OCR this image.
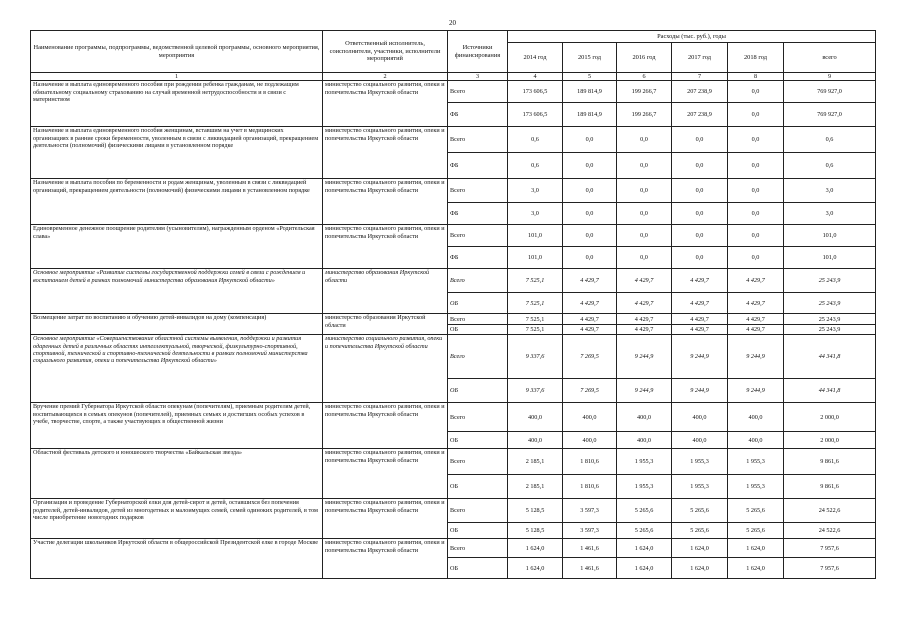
20
Наименование программы, подпрограммы, ведомственной целевой программы, основного мероприятия, мероприятия	Ответственный исполнитель, соисполнители, участники, исполнители мероприятий	Источники финансирования	Расходы (тыс. руб.), годы					
			2014 год	2015 год	2016 год	2017 год	2018 год	всего
1	2	3	4	5	6	7	8	9
Назначение и выплата единовременного пособия при рождении ребенка гражданам, не подлежащим обязательному социальному страхованию на случай временной нетрудоспособности и в связи с материнством	министерство социального развития, опеки и попечительства Иркутской области	Всего	173 606,5	189 814,9	199 266,7	207 238,9	0,0	769 927,0
		ФБ	173 606,5	189 814,9	199 266,7	207 238,9	0,0	769 927,0
Назначение и выплата единовременного пособия женщинам, вставшим на учет в медицинских организациях в ранние сроки беременности, уволенным в связи с ликвидацией организаций, прекращением деятельности (полномочий) физическими лицами в установленном порядке	министерство социального развития, опеки и попечительства Иркутской области	Всего	0,6	0,0	0,0	0,0	0,0	0,6
		ФБ	0,6	0,0	0,0	0,0	0,0	0,6
Назначение и выплата пособия по беременности и родам женщинам, уволенным в связи с ликвидацией организаций, прекращением деятельности (полномочий) физическими лицами в установленном порядке	министерство социального развития, опеки и попечительства Иркутской области	Всего	3,0	0,0	0,0	0,0	0,0	3,0
		ФБ	3,0	0,0	0,0	0,0	0,0	3,0
Единовременное денежное поощрение родителям (усыновителям), награжденным орденом «Родительская слава»	министерство социального развития, опеки и попечительства Иркутской области	Всего	101,0	0,0	0,0	0,0	0,0	101,0
		ФБ	101,0	0,0	0,0	0,0	0,0	101,0
Основное мероприятие «Развитие системы государственной поддержки семей в связи с рождением и воспитанием детей в рамках полномочий министерства образования Иркутской области»	министерство образования Иркутской области	Всего	7 525,1	4 429,7	4 429,7	4 429,7	4 429,7	25 243,9
		ОБ	7 525,1	4 429,7	4 429,7	4 429,7	4 429,7	25 243,9
Возмещение затрат по воспитанию и обучению детей-инвалидов на дому (компенсация)	министерство образования Иркутской области	Всего	7 525,1	4 429,7	4 429,7	4 429,7	4 429,7	25 243,9
		ОБ	7 525,1	4 429,7	4 429,7	4 429,7	4 429,7	25 243,9
Основное мероприятие «Совершенствование областной системы выявления, поддержки и развития одаренных детей в различных областях интеллектуальной, творческой, физкультурно-спортивной, спортивной, технической и спортивно-технической деятельности в рамках полномочий министерства социального развития, опеки и попечительства Иркутской области»	министерство социального развития, опеки и попечительства Иркутской области	Всего	9 337,6	7 269,5	9 244,9	9 244,9	9 244,9	44 341,8
		ОБ	9 337,6	7 269,5	9 244,9	9 244,9	9 244,9	44 341,8
Вручение премий Губернатора Иркутской области опекунам (попечителям), приемным родителям детей, воспитывающихся в семьях опекунов (попечителей), приемных семьях и достигших особых успехов в учебе, творчестве, спорте, а также участвующих в общественной жизни	министерство социального развития, опеки и попечительства Иркутской области	Всего	400,0	400,0	400,0	400,0	400,0	2 000,0
		ОБ	400,0	400,0	400,0	400,0	400,0	2 000,0
Областной фестиваль детского и юношеского творчества «Байкальская звезда»	министерство социального развития, опеки и попечительства Иркутской области	Всего	2 185,1	1 810,6	1 955,3	1 955,3	1 955,3	9 861,6
		ОБ	2 185,1	1 810,6	1 955,3	1 955,3	1 955,3	9 861,6
Организация и проведение Губернаторской елки для детей-сирот и детей, оставшихся без попечения родителей, детей-инвалидов, детей из многодетных и малоимущих семей, семей одиноких родителей, в том числе приобретение новогодних подарков	министерство социального развития, опеки и попечительства Иркутской области	Всего	5 128,5	3 597,3	5 265,6	5 265,6	5 265,6	24 522,6
		ОБ	5 128,5	3 597,3	5 265,6	5 265,6	5 265,6	24 522,6
Участие делегации школьников Иркутской области в общероссийской Президентской елке в городе Москве	министерство социального развития, опеки и попечительства Иркутской области	Всего	1 624,0	1 461,6	1 624,0	1 624,0	1 624,0	7 957,6
		ОБ	1 624,0	1 461,6	1 624,0	1 624,0	1 624,0	7 957,6
